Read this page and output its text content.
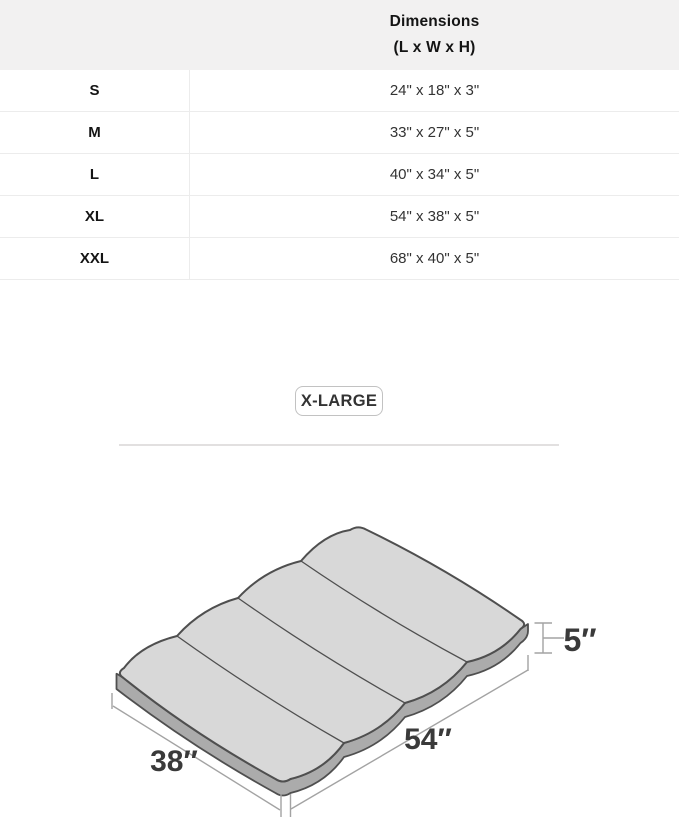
Dimensions
(L x W x H)
S	24" x 18" x 3"
M	33" x 27" x 5"
L	40" x 34" x 5"
XL	54" x 38" x 5"
XXL	68" x 40" x 5"
X-LARGE
38″
54″
5″
